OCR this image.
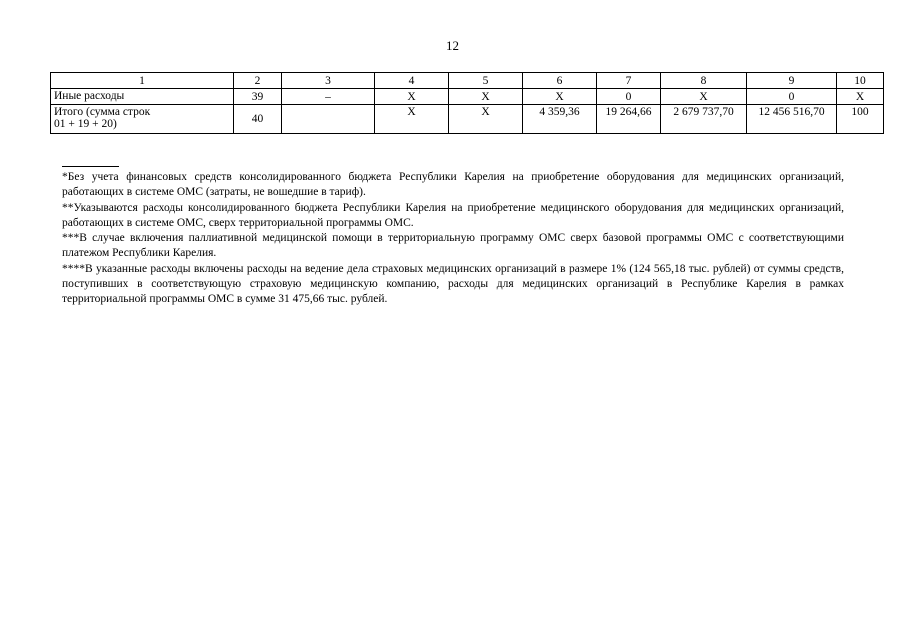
12
1	2	3	4	5	6	7	8	9	10
Иные расходы	39	–	Х	Х	Х	0	Х	0	Х
Итого (сумма строк
01 + 19 + 20)	40		Х	Х	4 359,36	19 264,66	2 679 737,70	12 456 516,70	100

*Без учета финансовых средств консолидированного бюджета Республики Карелия на приобретение оборудования для медицинских организаций, работающих в системе ОМС (затраты, не вошедшие в тариф).

**Указываются расходы консолидированного бюджета Республики Карелия на приобретение медицинского оборудования для медицинских организаций, работающих в системе ОМС, сверх территориальной программы ОМС.

***В случае включения паллиативной медицинской помощи в территориальную программу ОМС сверх базовой программы ОМС с соответствующими платежом Республики Карелия.

****В указанные расходы включены расходы на ведение дела страховых медицинских организаций в размере 1% (124 565,18 тыс. рублей) от суммы средств, поступивших в соответствующую страховую медицинскую компанию, расходы для медицинских организаций в Республике Карелия в рамках территориальной программы ОМС в сумме 31 475,66 тыс. рублей.
